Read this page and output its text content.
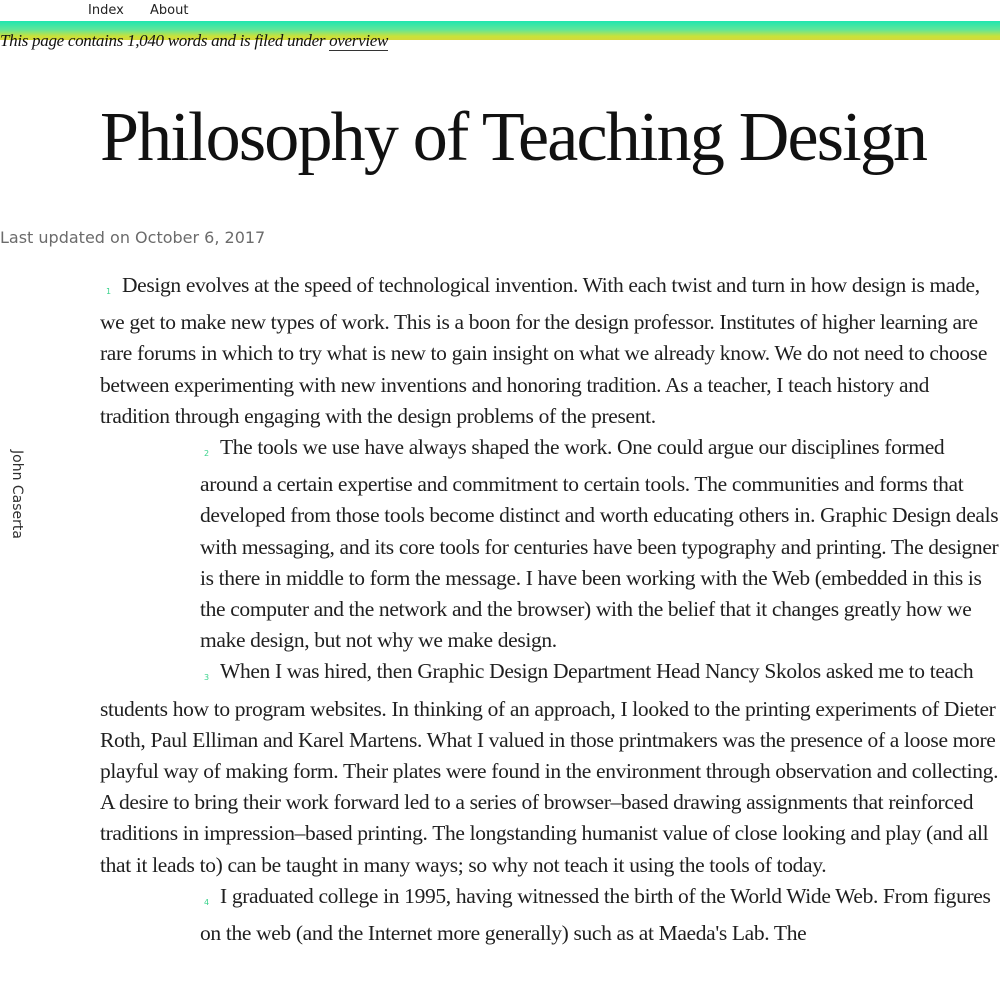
Index About
This page contains 1,040 words and is filed under overview
Philosophy of Teaching Design
Last updated on October 6, 2017
John Caserta

1 Design evolves at the speed of technological invention. With each twist and turn in how design is made, we get to make new types of work. This is a boon for the design professor. Institutes of higher learning are rare forums in which to try what is new to gain insight on what we already know. We do not need to choose between experimenting with new inventions and honoring tradition. As a teacher, I teach history and tradition through engaging with the design problems of the present.

2 The tools we use have always shaped the work. One could argue our disciplines formed around a certain expertise and commitment to certain tools. The communities and forms that developed from those tools become distinct and worth educating others in. Graphic Design deals with messaging, and its core tools for centuries have been typography and printing. The designer is there in middle to form the message. I have been working with the Web (embedded in this is the computer and the network and the browser) with the belief that it changes greatly how we make design, but not why we make design.

3 When I was hired, then Graphic Design Department Head Nancy Skolos asked me to teach students how to program websites. In thinking of an approach, I looked to the printing experiments of Dieter Roth, Paul Elliman and Karel Martens. What I valued in those printmakers was the presence of a loose more playful way of making form. Their plates were found in the environment through observation and collecting. A desire to bring their work forward led to a series of browser–based drawing assignments that reinforced traditions in impression–based printing. The longstanding humanist value of close looking and play (and all that it leads to) can be taught in many ways; so why not teach it using the tools of today.

4 I graduated college in 1995, having witnessed the birth of the World Wide Web. From figures on the web (and the Internet more generally) such as at Maeda's Lab. The
